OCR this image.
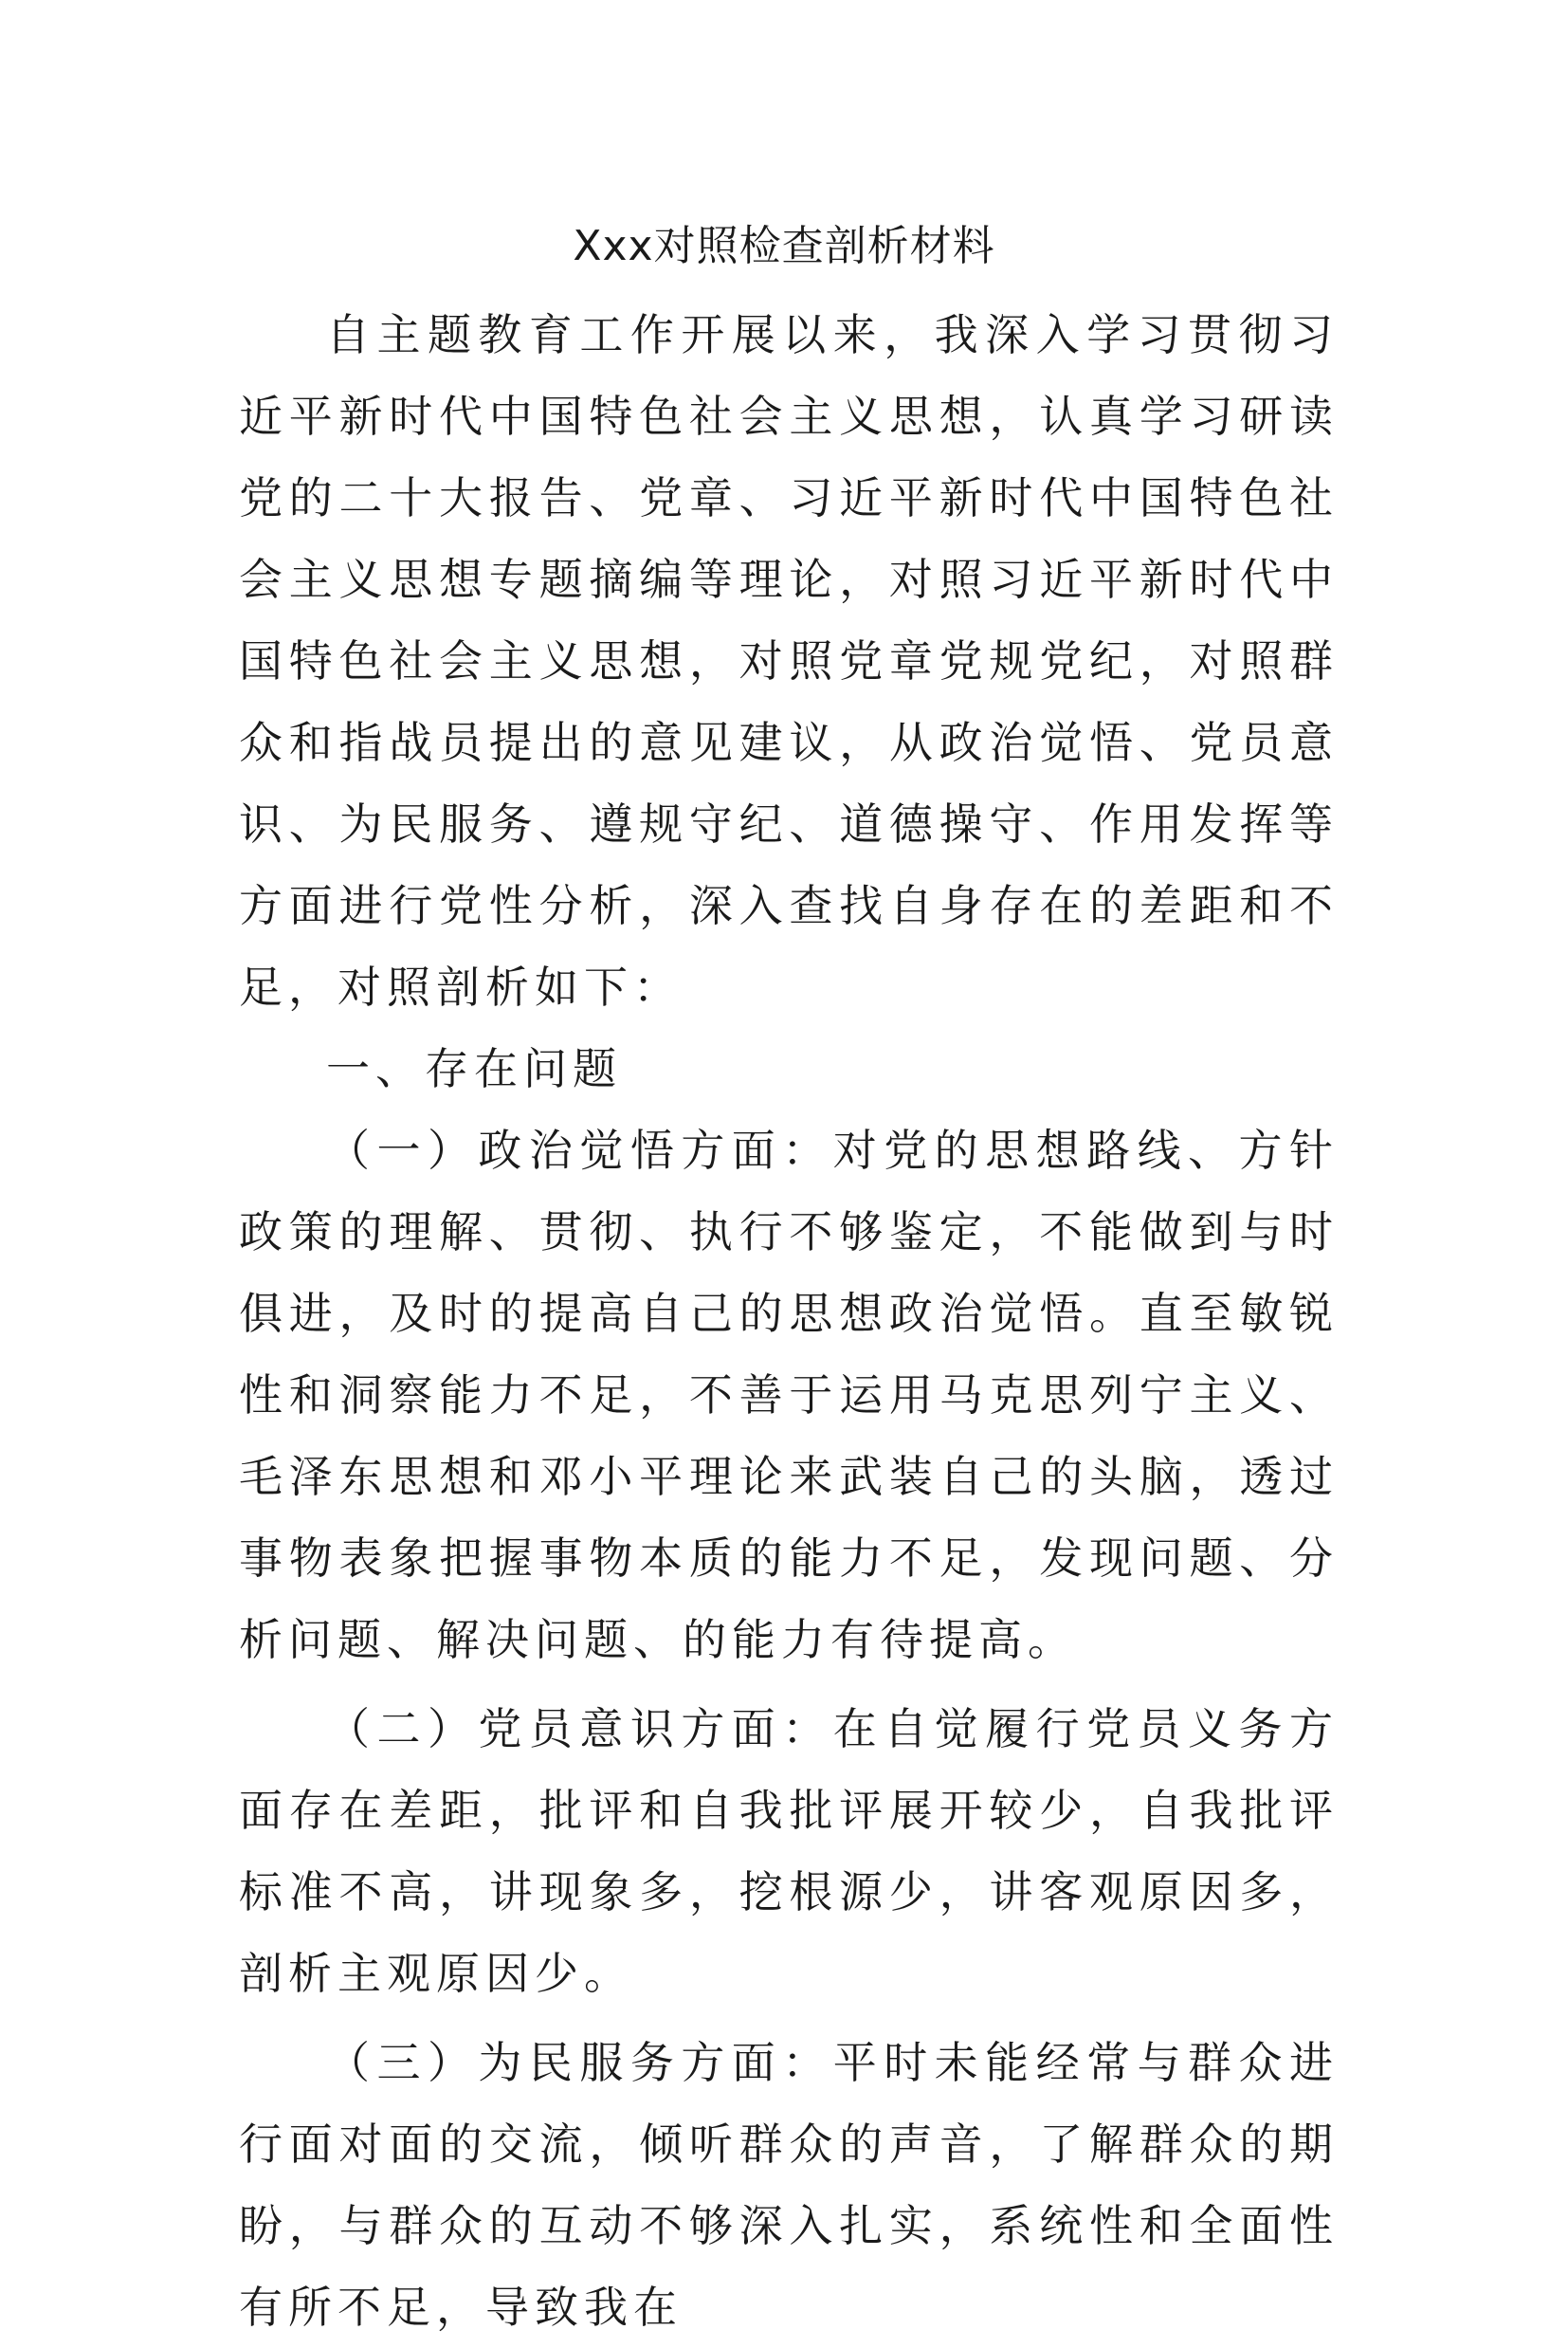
Xxx对照检查剖析材料

自主题教育工作开展以来，我深入学习贯彻习近平新时代中国特色社会主义思想，认真学习研读党的二十大报告、党章、习近平新时代中国特色社会主义思想专题摘编等理论，对照习近平新时代中国特色社会主义思想，对照党章党规党纪，对照群众和指战员提出的意见建议，从政治觉悟、党员意识、为民服务、遵规守纪、道德操守、作用发挥等方面进行党性分析，深入查找自身存在的差距和不足，对照剖析如下：

一、存在问题

（一）政治觉悟方面：对党的思想路线、方针政策的理解、贯彻、执行不够鉴定，不能做到与时俱进，及时的提高自己的思想政治觉悟。直至敏锐性和洞察能力不足，不善于运用马克思列宁主义、毛泽东思想和邓小平理论来武装自己的头脑，透过事物表象把握事物本质的能力不足，发现问题、分析问题、解决问题、的能力有待提高。

（二）党员意识方面：在自觉履行党员义务方面存在差距，批评和自我批评展开较少，自我批评标准不高，讲现象多，挖根源少，讲客观原因多，剖析主观原因少。

（三）为民服务方面：平时未能经常与群众进行面对面的交流，倾听群众的声音，了解群众的期盼，与群众的互动不够深入扎实，系统性和全面性有所不足，导致我在
